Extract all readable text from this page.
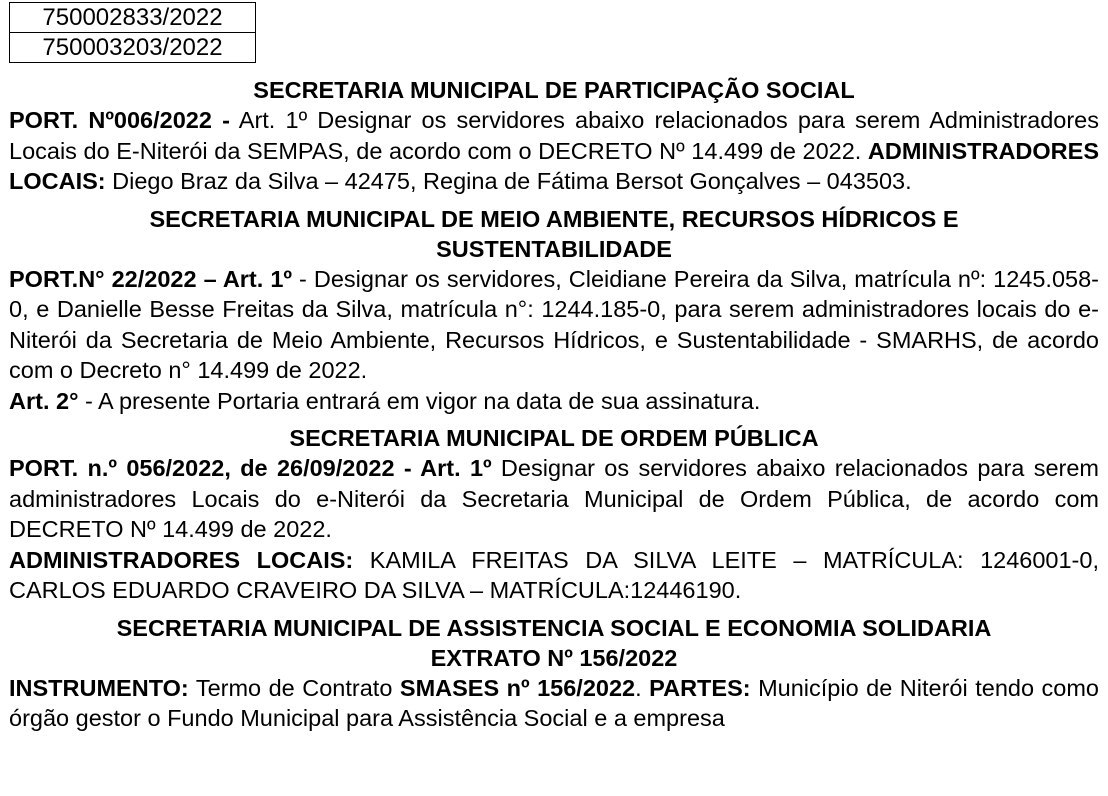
750002833/2022
750003203/2022
SECRETARIA MUNICIPAL DE PARTICIPAÇÃO SOCIAL
PORT. Nº006/2022 - Art. 1º Designar os servidores abaixo relacionados para serem Administradores Locais do E-Niterói da SEMPAS, de acordo com o DECRETO Nº 14.499 de 2022. ADMINISTRADORES LOCAIS: Diego Braz da Silva – 42475, Regina de Fátima Bersot Gonçalves – 043503.
SECRETARIA MUNICIPAL DE MEIO AMBIENTE, RECURSOS HÍDRICOS E
SUSTENTABILIDADE
PORT.N° 22/2022 – Art. 1º - Designar os servidores, Cleidiane Pereira da Silva, matrícula nº: 1245.058-0, e Danielle Besse Freitas da Silva, matrícula n°: 1244.185-0, para serem administradores locais do e-Niterói da Secretaria de Meio Ambiente, Recursos Hídricos, e Sustentabilidade - SMARHS, de acordo com o Decreto n° 14.499 de 2022.
Art. 2° - A presente Portaria entrará em vigor na data de sua assinatura.
SECRETARIA MUNICIPAL DE ORDEM PÚBLICA
PORT. n.º 056/2022, de 26/09/2022 - Art. 1º Designar os servidores abaixo relacionados para serem administradores Locais do e-Niterói da Secretaria Municipal de Ordem Pública, de acordo com DECRETO Nº 14.499 de 2022.
ADMINISTRADORES LOCAIS: KAMILA FREITAS DA SILVA LEITE – MATRÍCULA: 1246001-0, CARLOS EDUARDO CRAVEIRO DA SILVA – MATRÍCULA:12446190.
SECRETARIA MUNICIPAL DE ASSISTENCIA SOCIAL E ECONOMIA SOLIDARIA
EXTRATO Nº 156/2022
INSTRUMENTO: Termo de Contrato SMASES nº 156/2022. PARTES: Município de Niterói tendo como órgão gestor o Fundo Municipal para Assistência Social e a empresa
